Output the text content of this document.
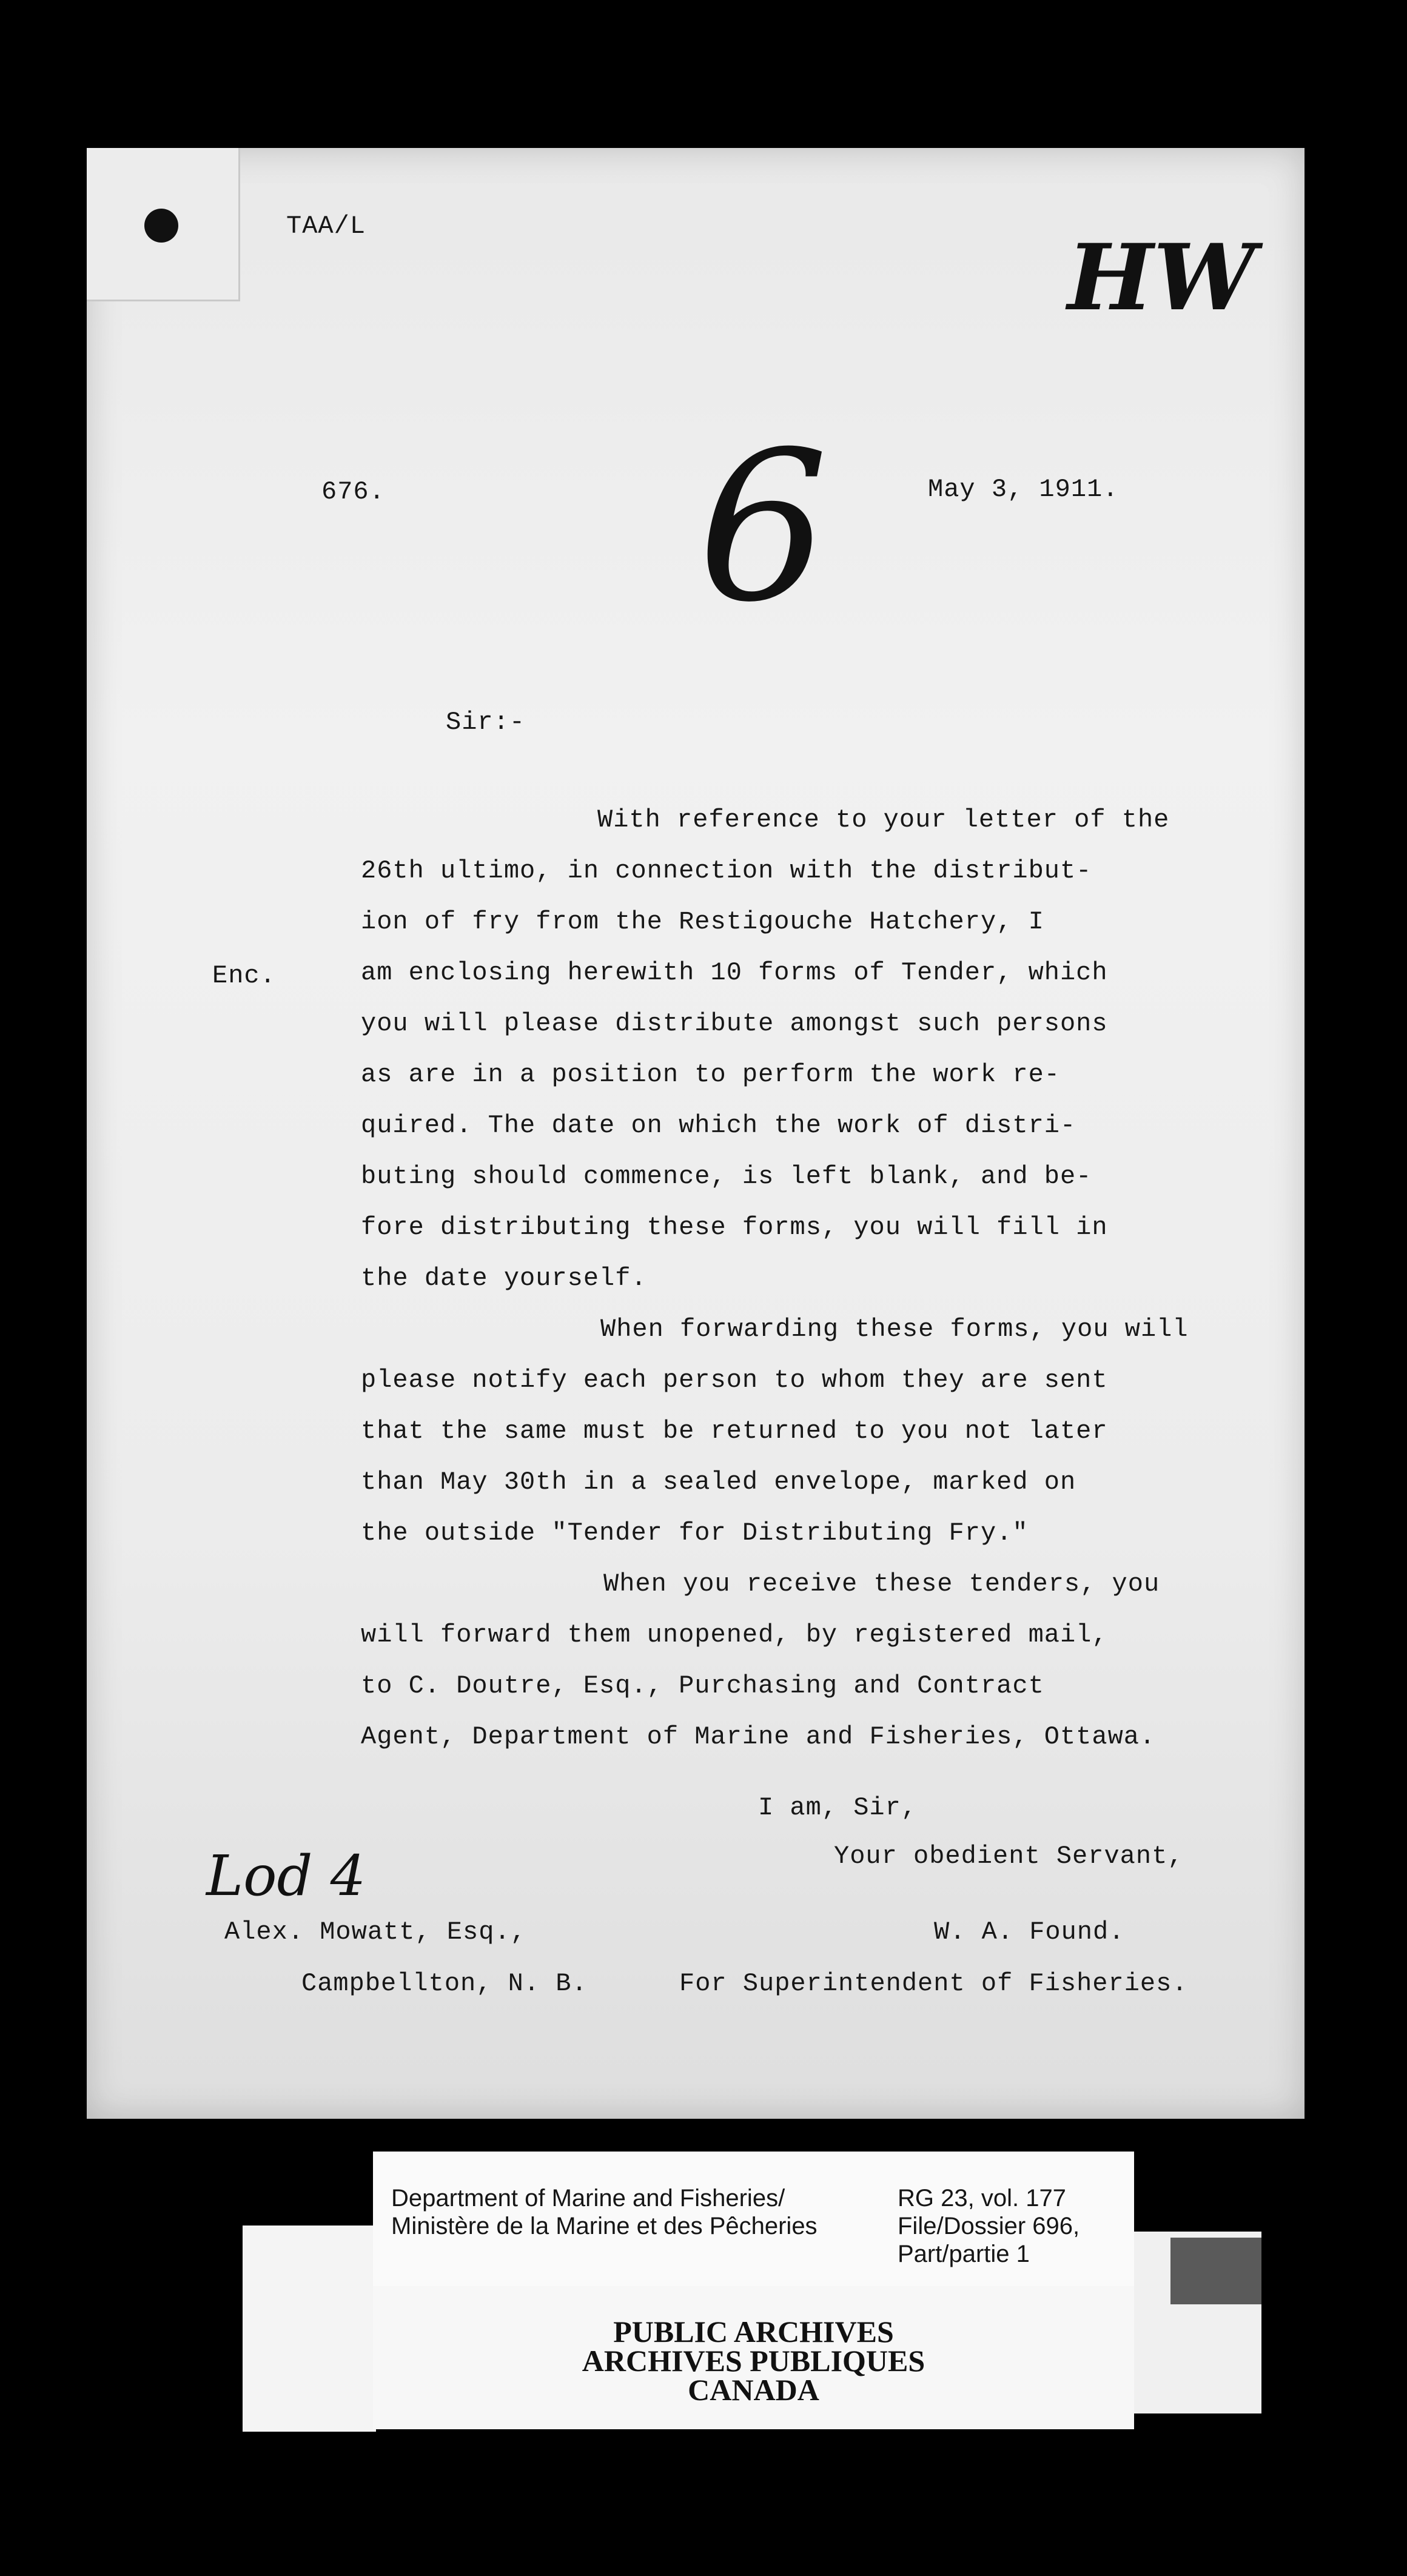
TAA/L
676.	May 3, 1911.
HW
6
Sir:-
Enc.
With reference to your letter of the
26th ultimo, in connection with the distribut-
ion of fry from the Restigouche Hatchery, I
am enclosing herewith 10 forms of Tender, which
you will please distribute amongst such persons
as are in a position to perform the work re-
quired. The date on which the work of distri-
buting should commence, is left blank, and be-
fore distributing these forms, you will fill in
the date yourself.
When forwarding these forms, you will
please notify each person to whom they are sent
that the same must be returned to you not later
than May 30th in a sealed envelope, marked on
the outside "Tender for Distributing Fry."
When you receive these tenders, you
will forward them unopened, by registered mail,
to C. Doutre, Esq., Purchasing and Contract
Agent, Department of Marine and Fisheries, Ottawa.
I am, Sir,
Your obedient Servant,
Lod 4
Alex. Mowatt, Esq.,	W. A. Found.
Campbellton, N. B.	For Superintendent of Fisheries.
Department of Marine and Fisheries/
Ministère de la Marine et des Pêcheries
RG 23, vol. 177
File/Dossier 696,
Part/partie 1
PUBLIC ARCHIVES
ARCHIVES PUBLIQUES
CANADA
